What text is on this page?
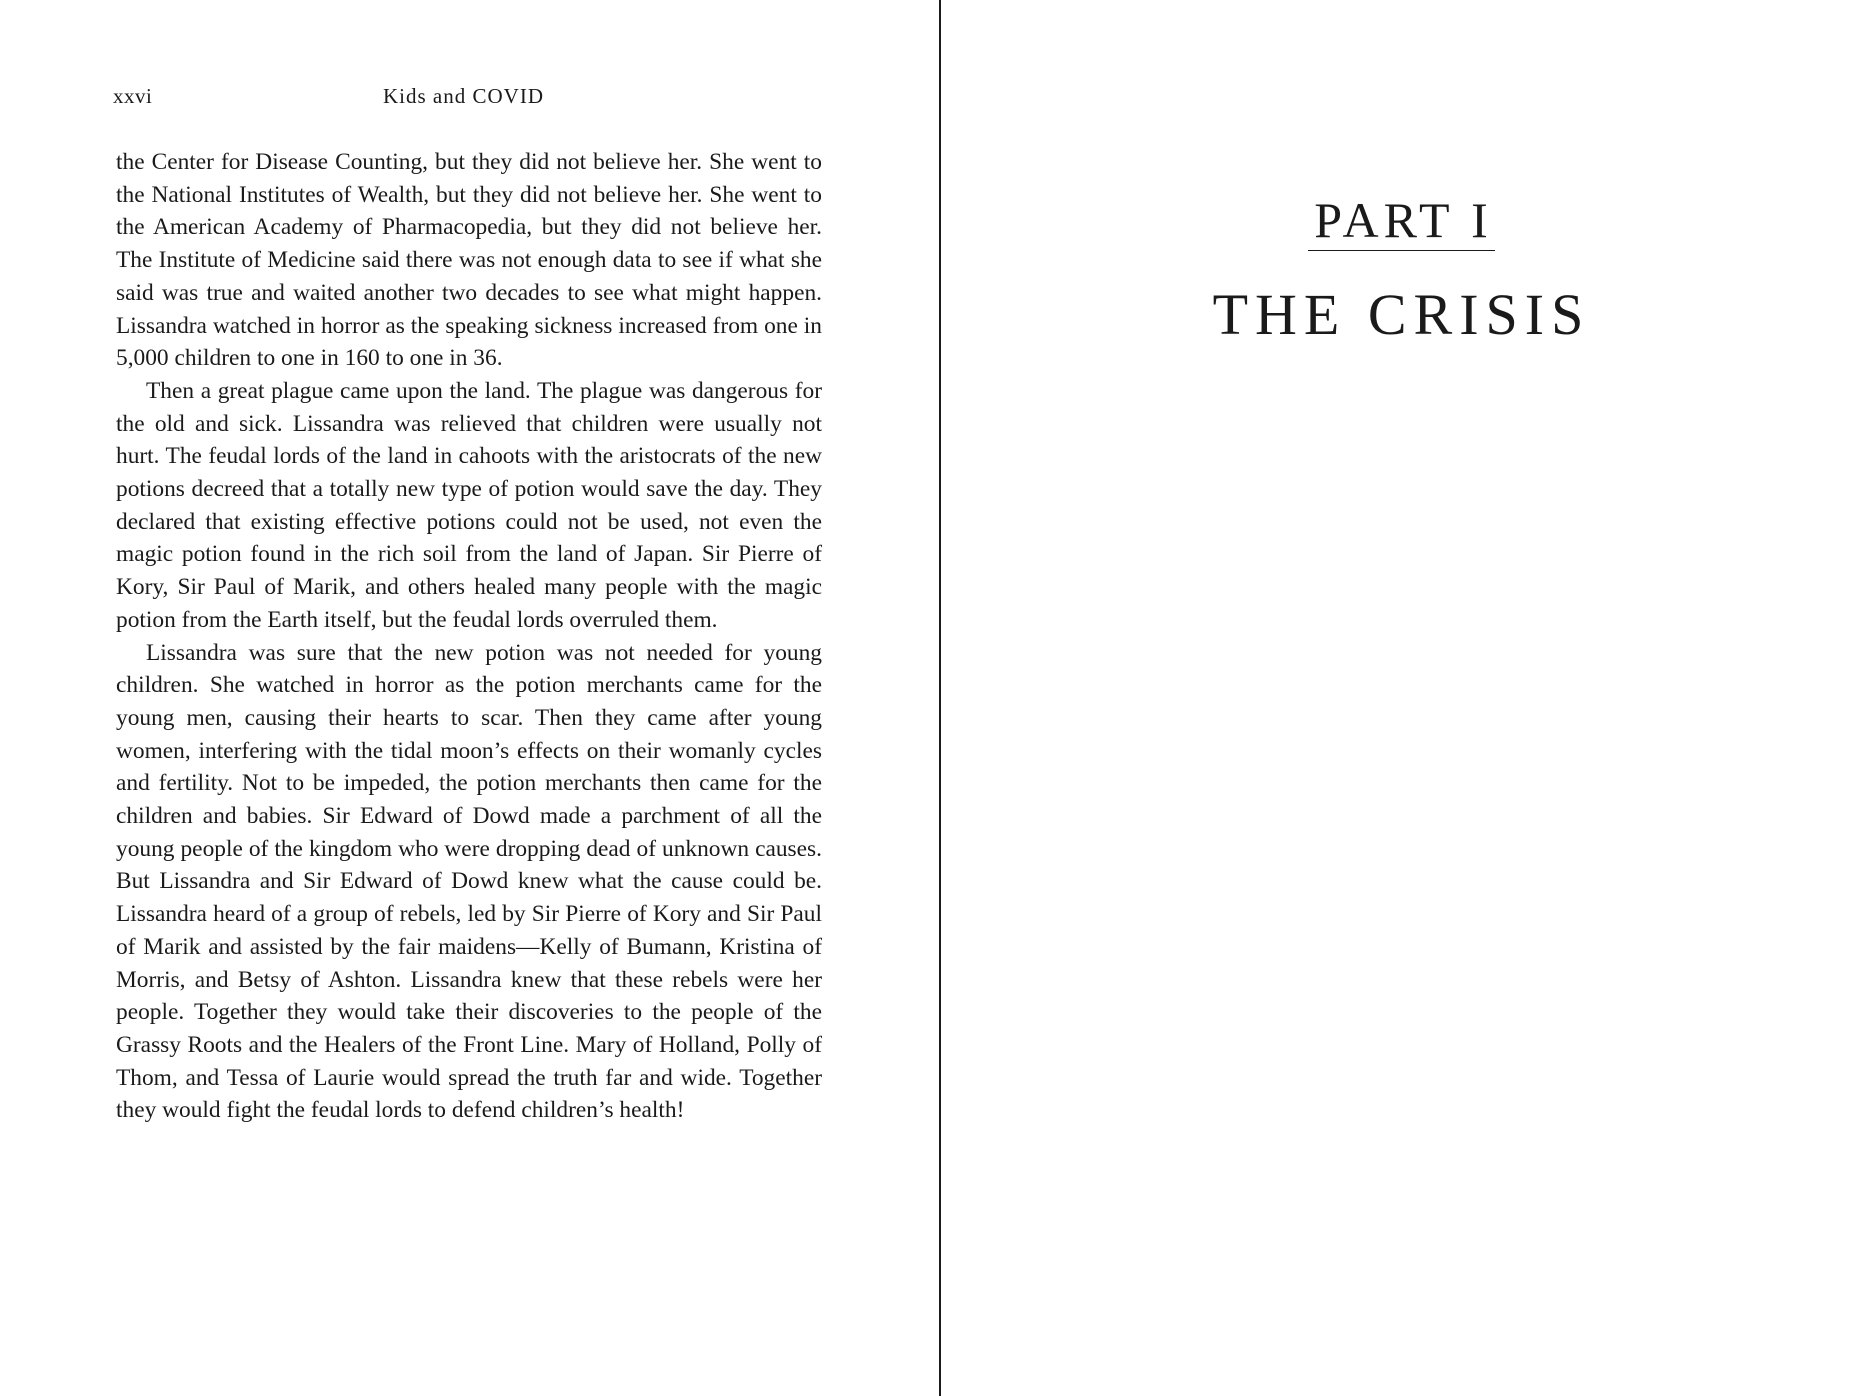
xxvi	Kids and COVID

the Center for Disease Counting, but they did not believe her. She went to the National Institutes of Wealth, but they did not believe her. She went to the American Academy of Pharmacopedia, but they did not believe her. The Institute of Medicine said there was not enough data to see if what she said was true and waited another two decades to see what might happen. Lissandra watched in horror as the speaking sickness increased from one in 5,000 children to one in 160 to one in 36.

Then a great plague came upon the land. The plague was dangerous for the old and sick. Lissandra was relieved that children were usually not hurt. The feudal lords of the land in cahoots with the aristocrats of the new potions decreed that a totally new type of potion would save the day. They declared that existing effective potions could not be used, not even the magic potion found in the rich soil from the land of Japan. Sir Pierre of Kory, Sir Paul of Marik, and others healed many people with the magic potion from the Earth itself, but the feudal lords overruled them.

Lissandra was sure that the new potion was not needed for young children. She watched in horror as the potion merchants came for the young men, causing their hearts to scar. Then they came after young women, interfering with the tidal moon’s effects on their womanly cycles and fertility. Not to be impeded, the potion merchants then came for the children and babies. Sir Edward of Dowd made a parchment of all the young people of the kingdom who were dropping dead of unknown causes. But Lissandra and Sir Edward of Dowd knew what the cause could be. Lissandra heard of a group of rebels, led by Sir Pierre of Kory and Sir Paul of Marik and assisted by the fair maidens—Kelly of Bumann, Kristina of Morris, and Betsy of Ashton. Lissandra knew that these rebels were her people. Together they would take their discoveries to the people of the Grassy Roots and the Healers of the Front Line. Mary of Holland, Polly of Thom, and Tessa of Laurie would spread the truth far and wide. Together they would fight the feudal lords to defend children’s health!

PART I
THE CRISIS
